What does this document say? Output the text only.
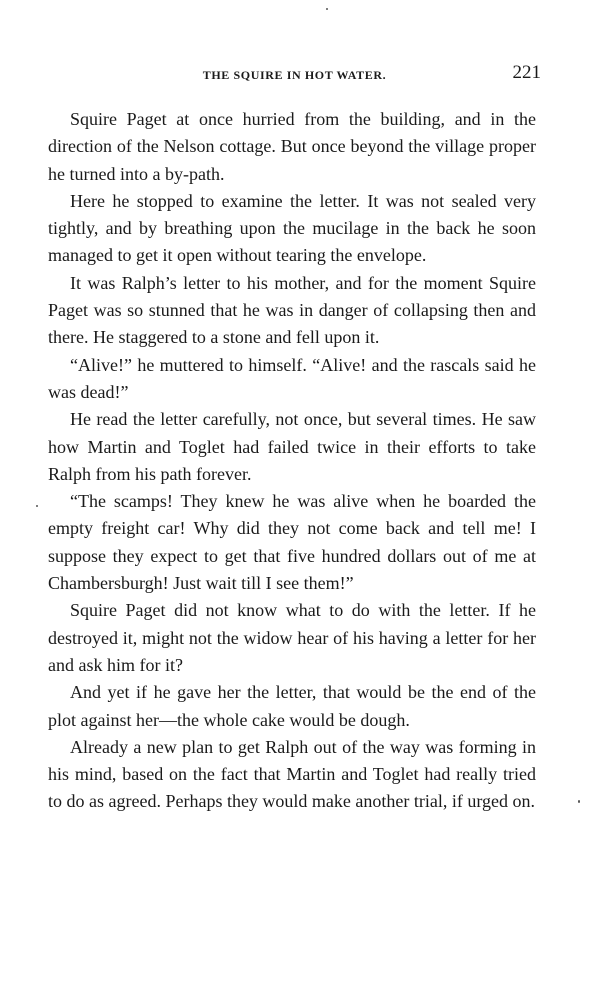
THE SQUIRE IN HOT WATER.	221

Squire Paget at once hurried from the building, and in the direction of the Nelson cottage. But once beyond the village proper he turned into a by-path.

Here he stopped to examine the letter. It was not sealed very tightly, and by breathing upon the mucilage in the back he soon managed to get it open without tearing the envelope.

It was Ralph’s letter to his mother, and for the moment Squire Paget was so stunned that he was in danger of collapsing then and there. He staggered to a stone and fell upon it.

“Alive!” he muttered to himself. “Alive! and the rascals said he was dead!”

He read the letter carefully, not once, but several times. He saw how Martin and Toglet had failed twice in their efforts to take Ralph from his path forever.

“The scamps! They knew he was alive when he boarded the empty freight car! Why did they not come back and tell me! I suppose they expect to get that five hundred dollars out of me at Chambersburgh! Just wait till I see them!”

Squire Paget did not know what to do with the letter. If he destroyed it, might not the widow hear of his having a letter for her and ask him for it?

And yet if he gave her the letter, that would be the end of the plot against her—the whole cake would be dough.

Already a new plan to get Ralph out of the way was forming in his mind, based on the fact that Martin and Toglet had really tried to do as agreed. Perhaps they would make another trial, if urged on.
